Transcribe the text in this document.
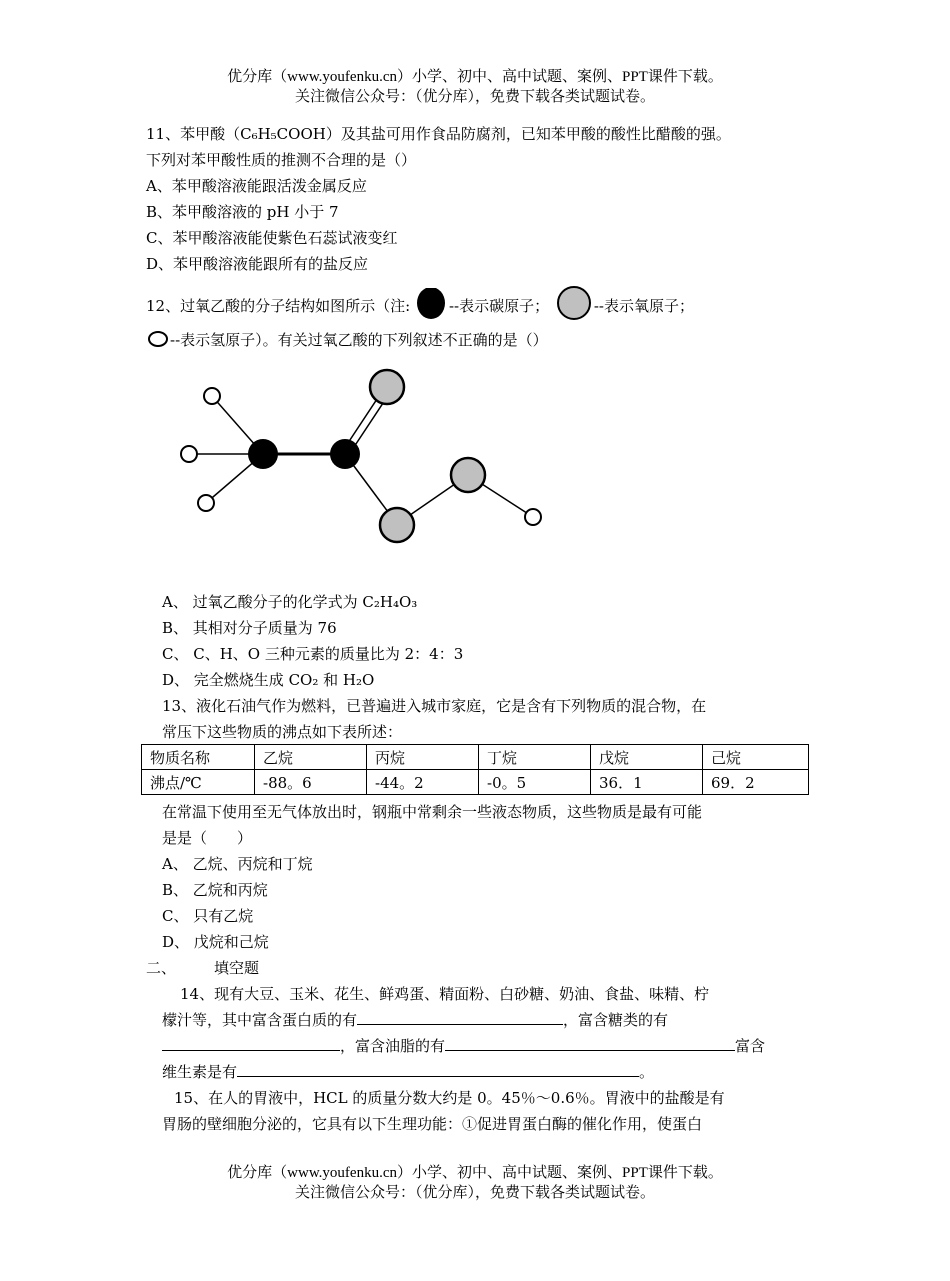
优分库（www.youfenku.cn）小学、初中、高中试题、案例、PPT课件下载。
关注微信公众号：（优分库），免费下载各类试题试卷。
11、苯甲酸（C₆H₅COOH）及其盐可用作食品防腐剂，已知苯甲酸的酸性比醋酸的强。
下列对苯甲酸性质的推测不合理的是（）
A、苯甲酸溶液能跟活泼金属反应
B、苯甲酸溶液的 pH 小于 7
C、苯甲酸溶液能使紫色石蕊试液变红
D、苯甲酸溶液能跟所有的盐反应
12、过氧乙酸的分子结构如图所示（注:	--表示碳原子；	--表示氧原子；
--表示氢原子）。有关过氧乙酸的下列叙述不正确的是（）
A、 过氧乙酸分子的化学式为 C₂H₄O₃
B、 其相对分子质量为 76
C、 C、H、O 三种元素的质量比为 2：4：3
D、 完全燃烧生成 CO₂ 和 H₂O
13、液化石油气作为燃料，已普遍进入城市家庭，它是含有下列物质的混合物，在
常压下这些物质的沸点如下表所述：
物质名称	乙烷	丙烷	丁烷	戊烷	己烷
沸点/℃	-88。6	-44。2	-0。5	36．1	69．2
在常温下使用至无气体放出时，钢瓶中常剩余一些液态物质，这些物质是最有可能
是是（　　）
A、 乙烷、丙烷和丁烷
B、 乙烷和丙烷
C、 只有乙烷
D、 戊烷和己烷
二、	填空题
14、现有大豆、玉米、花生、鲜鸡蛋、精面粉、白砂糖、奶油、食盐、味精、柠
檬汁等，其中富含蛋白质的有	，富含糖类的有
，富含油脂的有	富含
维生素是有	。
15、在人的胃液中，HCL 的质量分数大约是 0。45％～0.6％。胃液中的盐酸是有
胃肠的壁细胞分泌的，它具有以下生理功能：①促进胃蛋白酶的催化作用，使蛋白
优分库（www.youfenku.cn）小学、初中、高中试题、案例、PPT课件下载。
关注微信公众号：（优分库），免费下载各类试题试卷。
